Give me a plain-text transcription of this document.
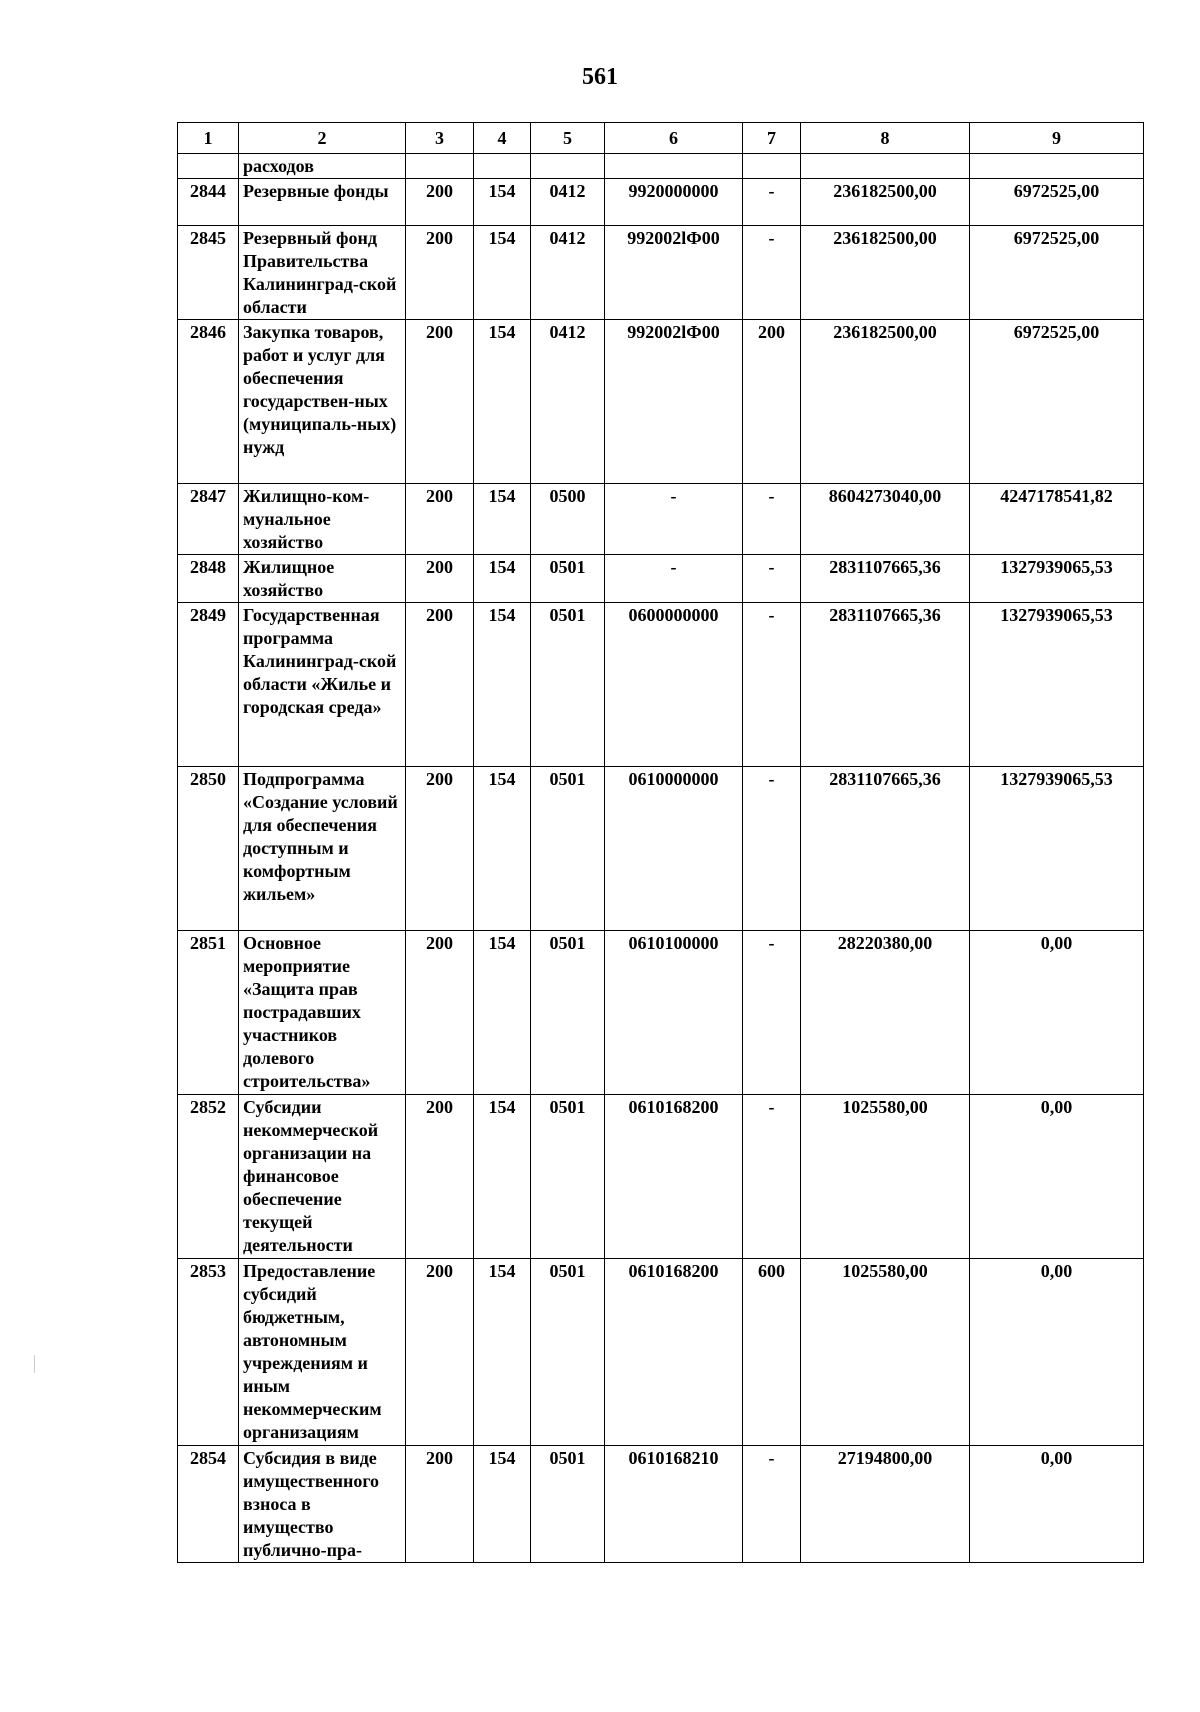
561
1	2	3	4	5	6	7	8	9
	расходов							
2844	Резервные фонды	200	154	0412	9920000000	-	236182500,00	6972525,00
2845	Резервный фонд Правительства Калининград-ской области	200	154	0412	992002lФ00	-	236182500,00	6972525,00
2846	Закупка товаров, работ и услуг для обеспечения государствен-ных (муниципаль-ных) нужд	200	154	0412	992002lФ00	200	236182500,00	6972525,00
2847	Жилищно-ком-мунальное хозяйство	200	154	0500	-	-	8604273040,00	4247178541,82
2848	Жилищное хозяйство	200	154	0501	-	-	2831107665,36	1327939065,53
2849	Государственная программа Калининград-ской области «Жилье и городская среда»	200	154	0501	0600000000	-	2831107665,36	1327939065,53
2850	Подпрограмма «Создание условий для обеспечения доступным и комфортным жильем»	200	154	0501	0610000000	-	2831107665,36	1327939065,53
2851	Основное мероприятие «Защита прав пострадавших участников долевого строительства»	200	154	0501	0610100000	-	28220380,00	0,00
2852	Субсидии некоммерческой организации на финансовое обеспечение текущей деятельности	200	154	0501	0610168200	-	1025580,00	0,00
2853	Предоставление субсидий бюджетным, автономным учреждениям и иным некоммерческим организациям	200	154	0501	0610168200	600	1025580,00	0,00
2854	Субсидия в виде имущественного взноса в имущество публично-пра-	200	154	0501	0610168210	-	27194800,00	0,00
